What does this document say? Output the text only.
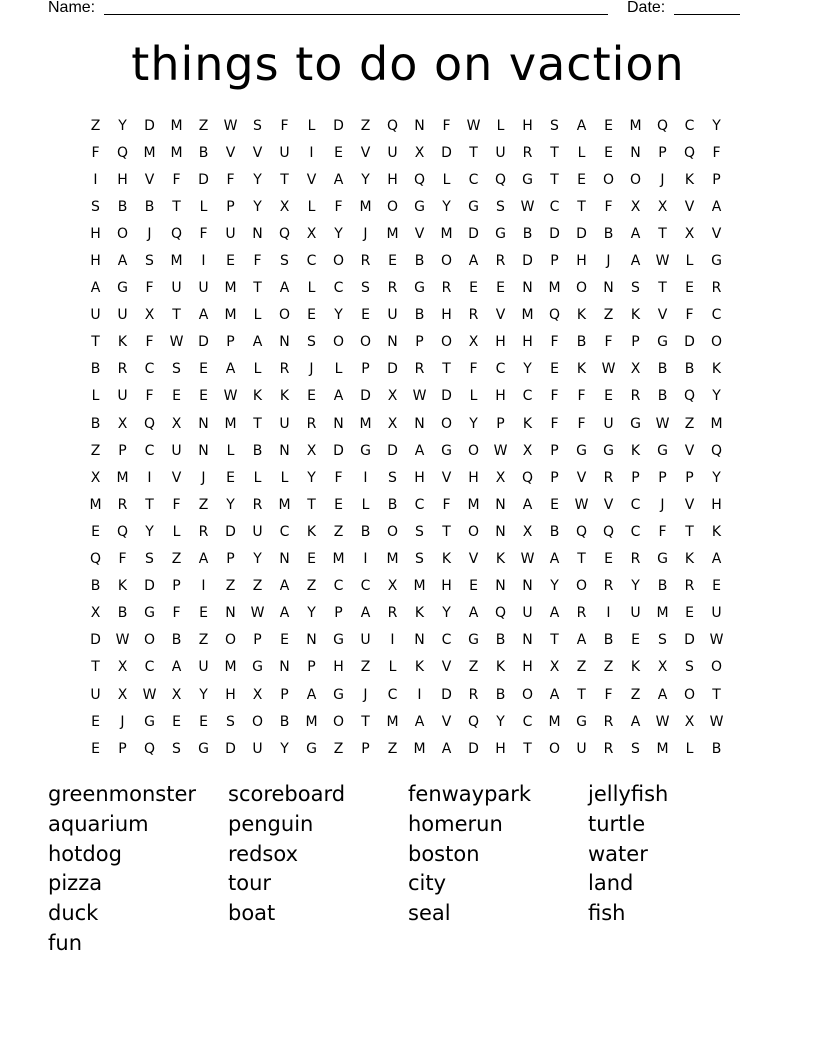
Name:	Date:
things to do on vaction
Z	Y	D	M	Z	W	S	F	L	D	Z	Q	N	F	W	L	H	S	A	E	M	Q	C	Y
F	Q	M	M	B	V	V	U	I	E	V	U	X	D	T	U	R	T	L	E	N	P	Q	F
I	H	V	F	D	F	Y	T	V	A	Y	H	Q	L	C	Q	G	T	E	O	O	J	K	P
S	B	B	T	L	P	Y	X	L	F	M	O	G	Y	G	S	W	C	T	F	X	X	V	A
H	O	J	Q	F	U	N	Q	X	Y	J	M	V	M	D	G	B	D	D	B	A	T	X	V
H	A	S	M	I	E	F	S	C	O	R	E	B	O	A	R	D	P	H	J	A	W	L	G
A	G	F	U	U	M	T	A	L	C	S	R	G	R	E	E	N	M	O	N	S	T	E	R
U	U	X	T	A	M	L	O	E	Y	E	U	B	H	R	V	M	Q	K	Z	K	V	F	C
T	K	F	W	D	P	A	N	S	O	O	N	P	O	X	H	H	F	B	F	P	G	D	O
B	R	C	S	E	A	L	R	J	L	P	D	R	T	F	C	Y	E	K	W	X	B	B	K
L	U	F	E	E	W	K	K	E	A	D	X	W	D	L	H	C	F	F	E	R	B	Q	Y
B	X	Q	X	N	M	T	U	R	N	M	X	N	O	Y	P	K	F	F	U	G	W	Z	M
Z	P	C	U	N	L	B	N	X	D	G	D	A	G	O	W	X	P	G	G	K	G	V	Q
X	M	I	V	J	E	L	L	Y	F	I	S	H	V	H	X	Q	P	V	R	P	P	P	Y
M	R	T	F	Z	Y	R	M	T	E	L	B	C	F	M	N	A	E	W	V	C	J	V	H
E	Q	Y	L	R	D	U	C	K	Z	B	O	S	T	O	N	X	B	Q	Q	C	F	T	K
Q	F	S	Z	A	P	Y	N	E	M	I	M	S	K	V	K	W	A	T	E	R	G	K	A
B	K	D	P	I	Z	Z	A	Z	C	C	X	M	H	E	N	N	Y	O	R	Y	B	R	E
X	B	G	F	E	N	W	A	Y	P	A	R	K	Y	A	Q	U	A	R	I	U	M	E	U
D	W	O	B	Z	O	P	E	N	G	U	I	N	C	G	B	N	T	A	B	E	S	D	W
T	X	C	A	U	M	G	N	P	H	Z	L	K	V	Z	K	H	X	Z	Z	K	X	S	O
U	X	W	X	Y	H	X	P	A	G	J	C	I	D	R	B	O	A	T	F	Z	A	O	T
E	J	G	E	E	S	O	B	M	O	T	M	A	V	Q	Y	C	M	G	R	A	W	X	W
E	P	Q	S	G	D	U	Y	G	Z	P	Z	M	A	D	H	T	O	U	R	S	M	L	B
greenmonster	scoreboard	fenwaypark	jellyfish
aquarium	penguin	homerun	turtle
hotdog	redsox	boston	water
pizza	tour	city	land
duck	boat	seal	fish
fun
